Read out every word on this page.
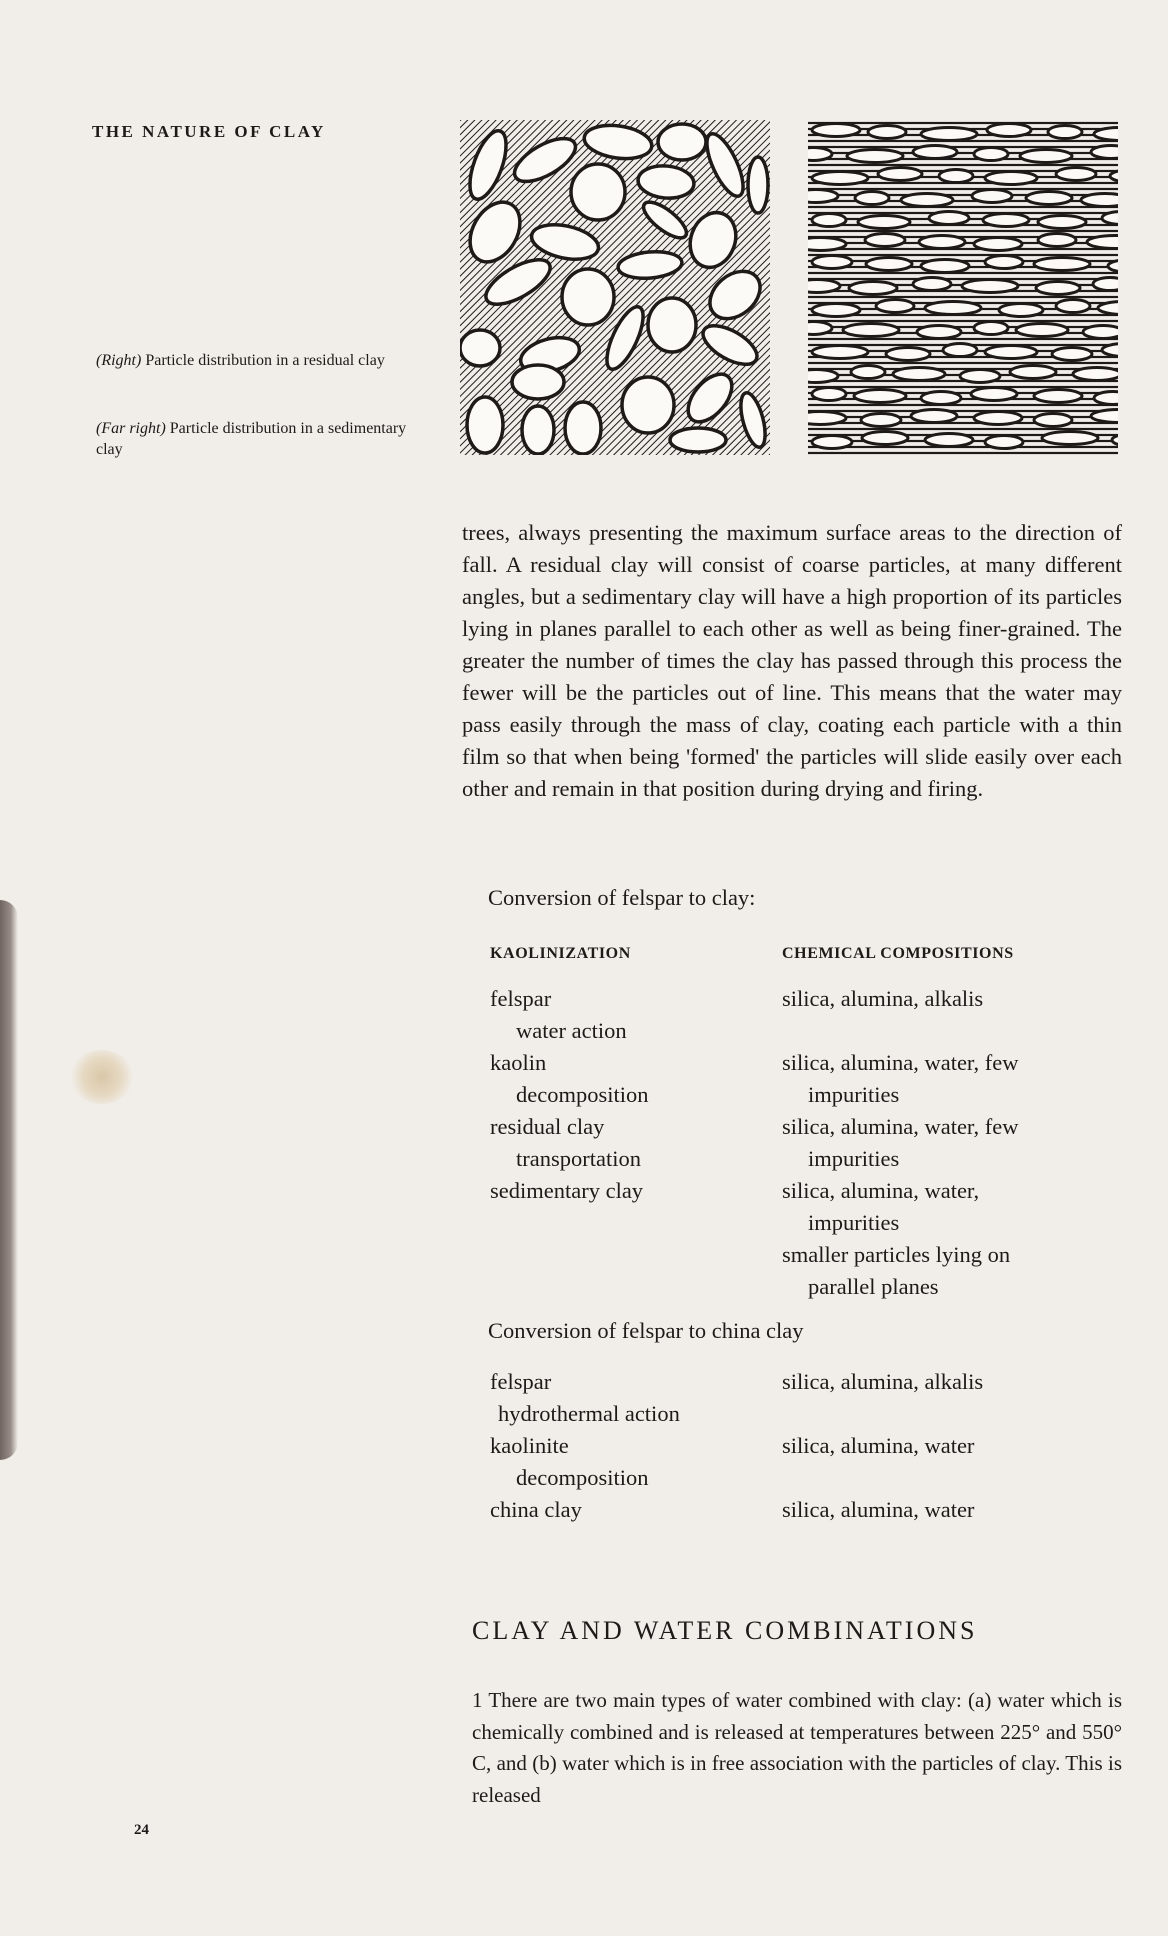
THE NATURE OF CLAY

(Right) Particle distribution in a residual clay

(Far right) Particle distribution in a sedimentary clay

trees, always presenting the maximum surface areas to the direction of fall. A residual clay will consist of coarse particles, at many different angles, but a sedimentary clay will have a high proportion of its particles lying in planes parallel to each other as well as being finer-grained. The greater the number of times the clay has passed through this process the fewer will be the particles out of line. This means that the water may pass easily through the mass of clay, coating each particle with a thin film so that when being 'formed' the particles will slide easily over each other and remain in that position during drying and firing.

Conversion of felspar to clay:

KAOLINIZATION	CHEMICAL COMPOSITIONS
felspar
water action
kaolin
decomposition
residual clay
transportation
sedimentary clay
silica, alumina, alkalis
silica, alumina, water, few
impurities
silica, alumina, water, few
impurities
silica, alumina, water,
impurities
smaller particles lying on
parallel planes

Conversion of felspar to china clay

felspar
hydrothermal action
kaolinite
decomposition
china clay
silica, alumina, alkalis
silica, alumina, water
silica, alumina, water
CLAY AND WATER COMBINATIONS

1 There are two main types of water combined with clay: (a) water which is chemically combined and is released at temperatures between 225° and 550° C, and (b) water which is in free association with the particles of clay. This is released

24
